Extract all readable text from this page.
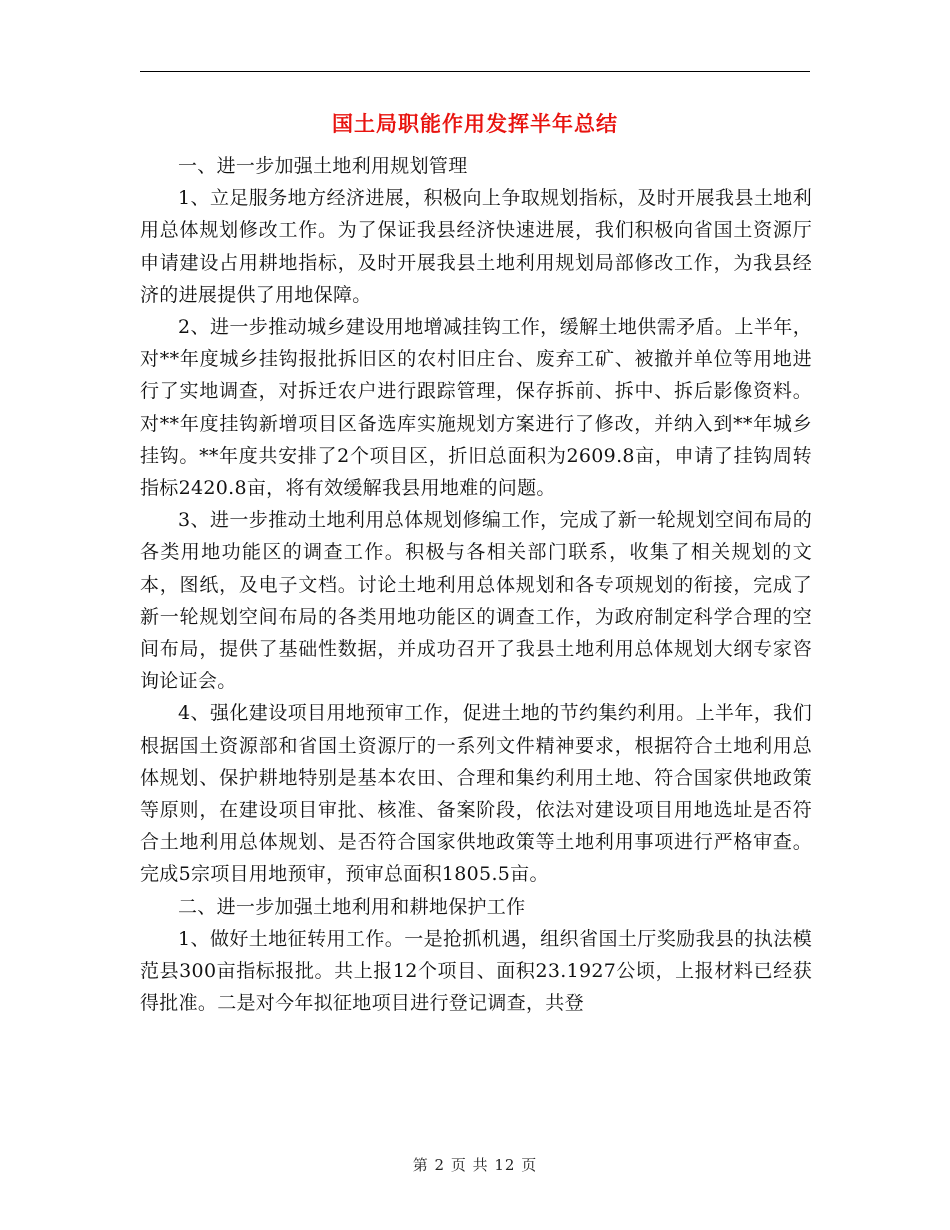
国土局职能作用发挥半年总结

一、进一步加强土地利用规划管理

1、立足服务地方经济进展，积极向上争取规划指标，及时开展我县土地利用总体规划修改工作。为了保证我县经济快速进展，我们积极向省国土资源厅申请建设占用耕地指标，及时开展我县土地利用规划局部修改工作，为我县经济的进展提供了用地保障。

2、进一步推动城乡建设用地增减挂钩工作，缓解土地供需矛盾。上半年，对**年度城乡挂钩报批拆旧区的农村旧庄台、废弃工矿、被撤并单位等用地进行了实地调查，对拆迁农户进行跟踪管理，保存拆前、拆中、拆后影像资料。对**年度挂钩新增项目区备选库实施规划方案进行了修改，并纳入到**年城乡挂钩。**年度共安排了2个项目区，折旧总面积为2609.8亩，申请了挂钩周转指标2420.8亩，将有效缓解我县用地难的问题。

3、进一步推动土地利用总体规划修编工作，完成了新一轮规划空间布局的各类用地功能区的调查工作。积极与各相关部门联系，收集了相关规划的文本，图纸，及电子文档。讨论土地利用总体规划和各专项规划的衔接，完成了新一轮规划空间布局的各类用地功能区的调查工作，为政府制定科学合理的空间布局，提供了基础性数据，并成功召开了我县土地利用总体规划大纲专家咨询论证会。

4、强化建设项目用地预审工作，促进土地的节约集约利用。上半年，我们根据国土资源部和省国土资源厅的一系列文件精神要求，根据符合土地利用总体规划、保护耕地特别是基本农田、合理和集约利用土地、符合国家供地政策等原则，在建设项目审批、核准、备案阶段，依法对建设项目用地选址是否符合土地利用总体规划、是否符合国家供地政策等土地利用事项进行严格审查。完成5宗项目用地预审，预审总面积1805.5亩。

二、进一步加强土地利用和耕地保护工作

1、做好土地征转用工作。一是抢抓机遇，组织省国土厅奖励我县的执法模范县300亩指标报批。共上报12个项目、面积23.1927公顷，上报材料已经获得批准。二是对今年拟征地项目进行登记调查，共登

第 2 页 共 12 页
